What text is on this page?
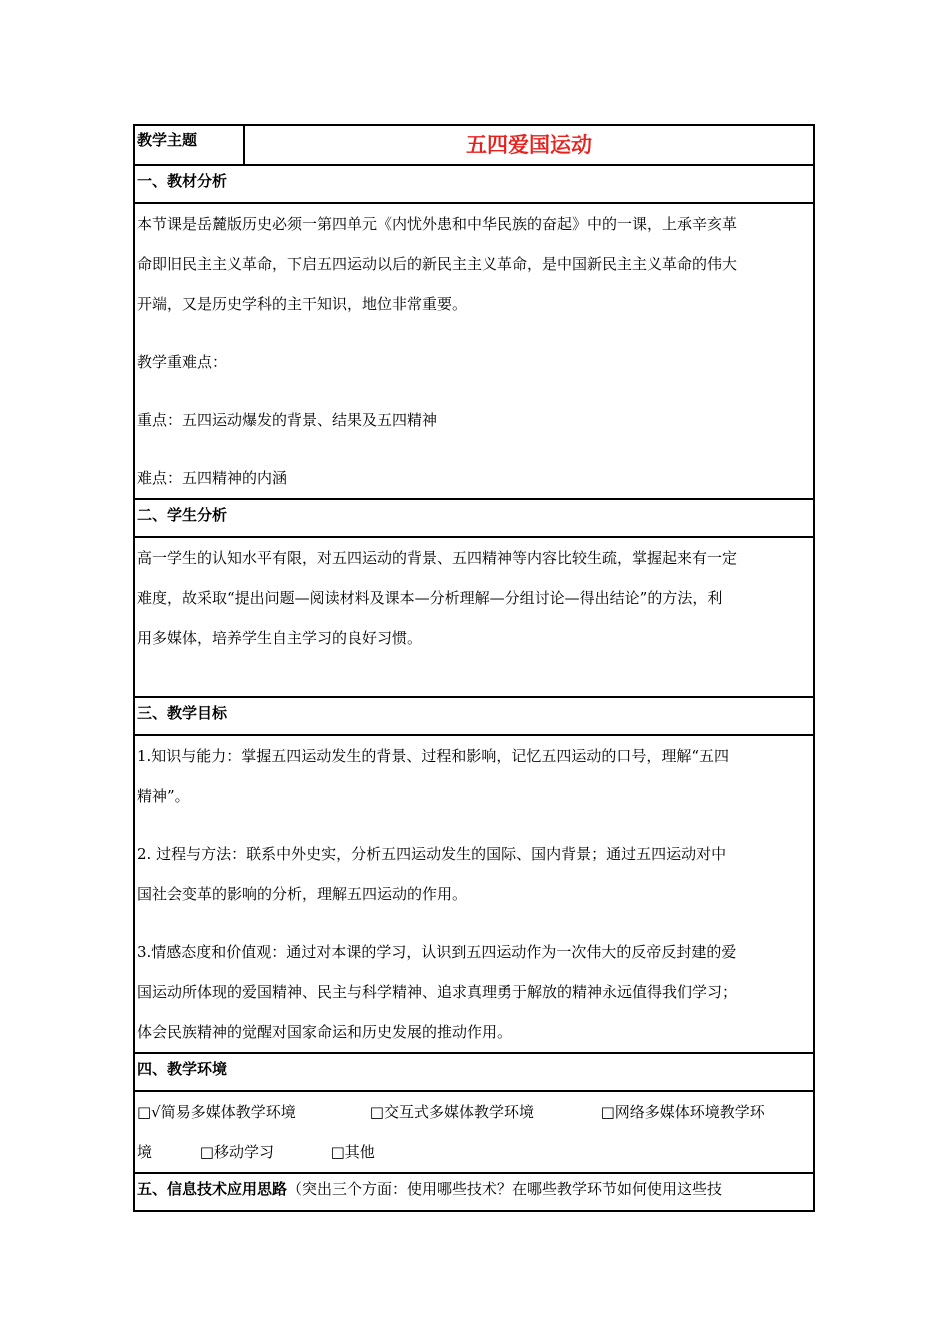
教学主题	五四爱国运动
一、教材分析

本节课是岳麓版历史必须一第四单元《内忧外患和中华民族的奋起》中的一课，上承辛亥革

命即旧民主主义革命，下启五四运动以后的新民主主义革命，是中国新民主主义革命的伟大

开端，又是历史学科的主干知识，地位非常重要。

教学重难点：

重点：五四运动爆发的背景、结果及五四精神

难点：五四精神的内涵

二、学生分析

高一学生的认知水平有限，对五四运动的背景、五四精神等内容比较生疏，掌握起来有一定

难度，故采取“提出问题—阅读材料及课本—分析理解—分组讨论—得出结论”的方法，利

用多媒体，培养学生自主学习的良好习惯。

三、教学目标

1.知识与能力：掌握五四运动发生的背景、过程和影响，记忆五四运动的口号，理解“五四

精神”。

2. 过程与方法：联系中外史实，分析五四运动发生的国际、国内背景；通过五四运动对中

国社会变革的影响的分析，理解五四运动的作用。

3.情感态度和价值观：通过对本课的学习，认识到五四运动作为一次伟大的反帝反封建的爱

国运动所体现的爱国精神、民主与科学精神、追求真理勇于解放的精神永远值得我们学习；

体会民族精神的觉醒对国家命运和历史发展的推动作用。

四、教学环境

□√简易多媒体教学环境	□交互式多媒体教学环境	□网络多媒体环境教学环

境	□移动学习	□其他

五、信息技术应用思路（突出三个方面：使用哪些技术？在哪些教学环节如何使用这些技
